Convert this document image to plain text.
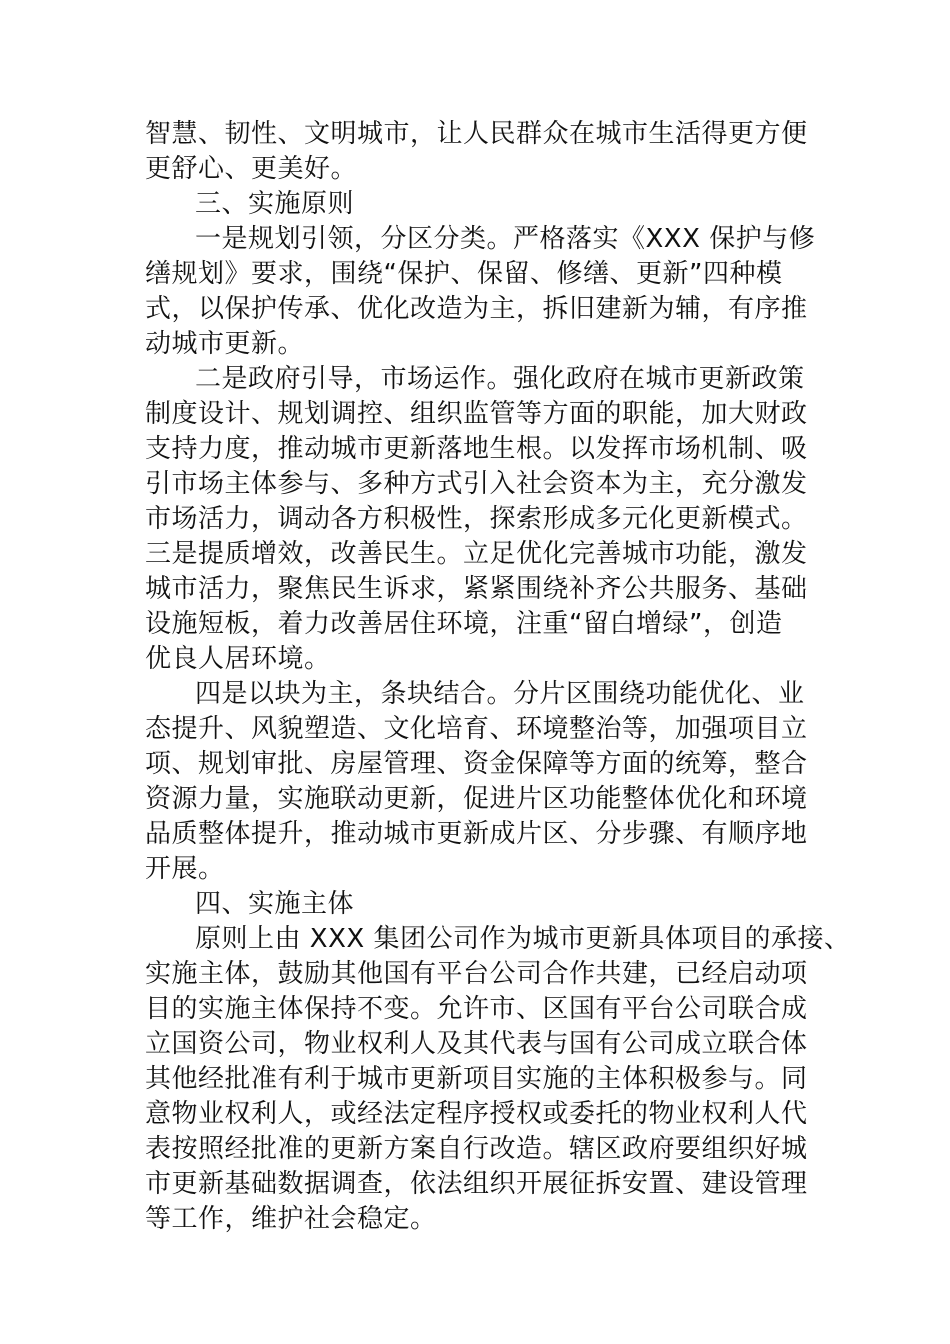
智慧、韧性、文明城市，让人民群众在城市生活得更方便

更舒心、更美好。

三、实施原则

一是规划引领，分区分类。严格落实《XXX 保护与修

缮规划》要求，围绕“保护、保留、修缮、更新”四种模

式，以保护传承、优化改造为主，拆旧建新为辅，有序推

动城市更新。

二是政府引导，市场运作。强化政府在城市更新政策

制度设计、规划调控、组织监管等方面的职能，加大财政

支持力度，推动城市更新落地生根。以发挥市场机制、吸

引市场主体参与、多种方式引入社会资本为主，充分激发

市场活力，调动各方积极性，探索形成多元化更新模式。

三是提质增效，改善民生。立足优化完善城市功能，激发

城市活力，聚焦民生诉求，紧紧围绕补齐公共服务、基础

设施短板，着力改善居住环境，注重“留白增绿”，创造

优良人居环境。

四是以块为主，条块结合。分片区围绕功能优化、业

态提升、风貌塑造、文化培育、环境整治等，加强项目立

项、规划审批、房屋管理、资金保障等方面的统筹，整合

资源力量，实施联动更新，促进片区功能整体优化和环境

品质整体提升，推动城市更新成片区、分步骤、有顺序地

开展。

四、实施主体

原则上由 XXX 集团公司作为城市更新具体项目的承接、

实施主体，鼓励其他国有平台公司合作共建，已经启动项

目的实施主体保持不变。允许市、区国有平台公司联合成

立国资公司，物业权利人及其代表与国有公司成立联合体

其他经批准有利于城市更新项目实施的主体积极参与。同

意物业权利人，或经法定程序授权或委托的物业权利人代

表按照经批准的更新方案自行改造。辖区政府要组织好城

市更新基础数据调查，依法组织开展征拆安置、建设管理

等工作，维护社会稳定。
